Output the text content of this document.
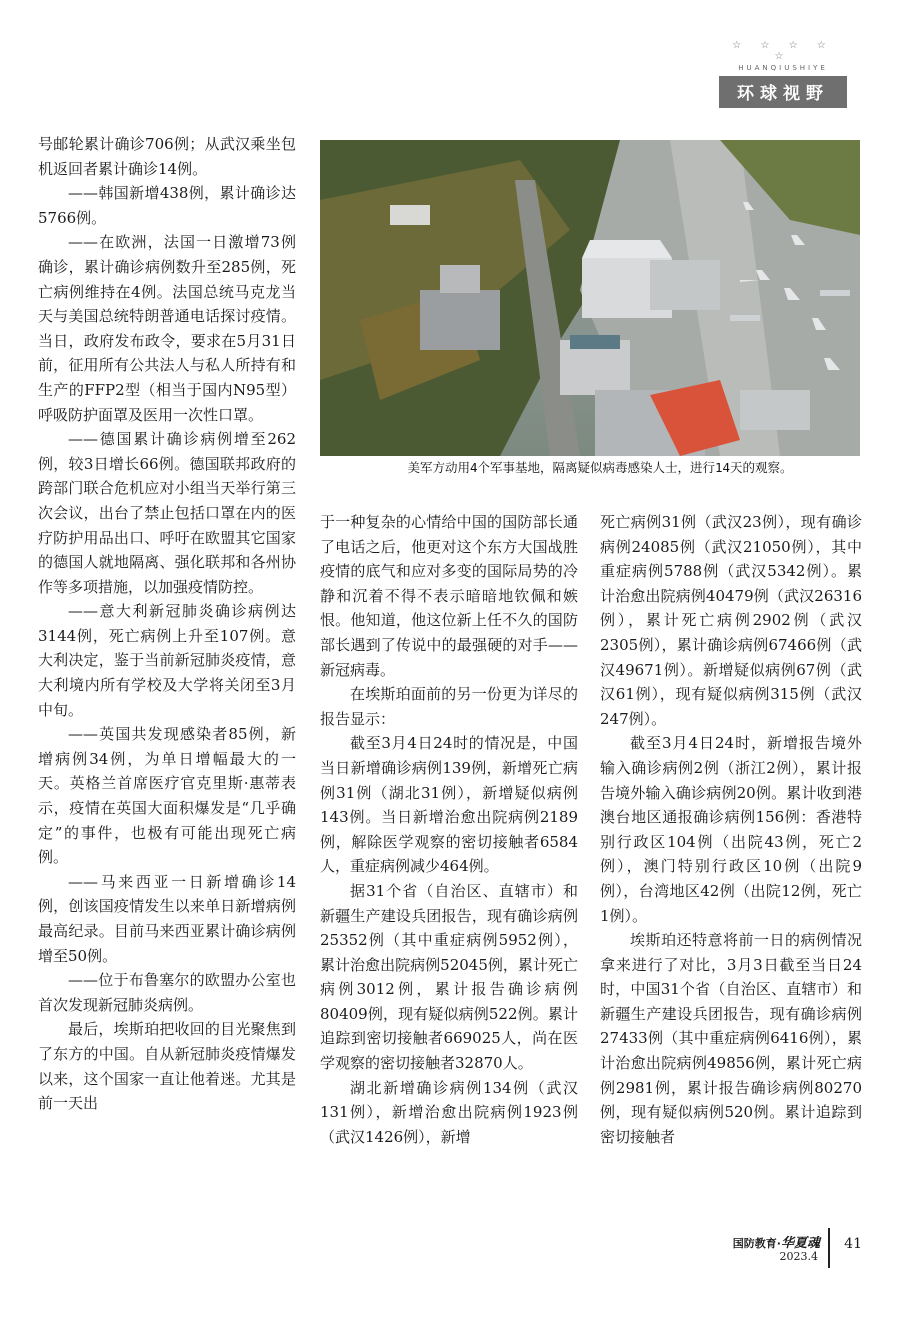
☆ ☆ ☆ ☆ ☆
HUANQIUSHIYE
环球视野

号邮轮累计确诊706例；从武汉乘坐包机返回者累计确诊14例。

——韩国新增438例，累计确诊达5766例。

——在欧洲，法国一日激增73例确诊，累计确诊病例数升至285例，死亡病例维持在4例。法国总统马克龙当天与美国总统特朗普通电话探讨疫情。当日，政府发布政令，要求在5月31日前，征用所有公共法人与私人所持有和生产的FFP2型（相当于国内N95型）呼吸防护面罩及医用一次性口罩。

——德国累计确诊病例增至262例，较3日增长66例。德国联邦政府的跨部门联合危机应对小组当天举行第三次会议，出台了禁止包括口罩在内的医疗防护用品出口、呼吁在欧盟其它国家的德国人就地隔离、强化联邦和各州协作等多项措施，以加强疫情防控。

——意大利新冠肺炎确诊病例达3144例，死亡病例上升至107例。意大利决定，鉴于当前新冠肺炎疫情，意大利境内所有学校及大学将关闭至3月中旬。

——英国共发现感染者85例，新增病例34例，为单日增幅最大的一天。英格兰首席医疗官克里斯·惠蒂表示，疫情在英国大面积爆发是“几乎确定”的事件，也极有可能出现死亡病例。

——马来西亚一日新增确诊14例，创该国疫情发生以来单日新增病例最高纪录。目前马来西亚累计确诊病例增至50例。

——位于布鲁塞尔的欧盟办公室也首次发现新冠肺炎病例。

最后，埃斯珀把收回的目光聚焦到了东方的中国。自从新冠肺炎疫情爆发以来，这个国家一直让他着迷。尤其是前一天出

美军方动用4个军事基地，隔离疑似病毒感染人士，进行14天的观察。

于一种复杂的心情给中国的国防部长通了电话之后，他更对这个东方大国战胜疫情的底气和应对多变的国际局势的冷静和沉着不得不表示暗暗地钦佩和嫉恨。他知道，他这位新上任不久的国防部长遇到了传说中的最强硬的对手——新冠病毒。

在埃斯珀面前的另一份更为详尽的报告显示：

截至3月4日24时的情况是，中国当日新增确诊病例139例，新增死亡病例31例（湖北31例），新增疑似病例143例。当日新增治愈出院病例2189例，解除医学观察的密切接触者6584人，重症病例减少464例。

据31个省（自治区、直辖市）和新疆生产建设兵团报告，现有确诊病例25352例（其中重症病例5952例），累计治愈出院病例52045例，累计死亡病例3012例，累计报告确诊病例80409例，现有疑似病例522例。累计追踪到密切接触者669025人，尚在医学观察的密切接触者32870人。

湖北新增确诊病例134例（武汉131例），新增治愈出院病例1923例（武汉1426例），新增

死亡病例31例（武汉23例），现有确诊病例24085例（武汉21050例），其中重症病例5788例（武汉5342例）。累计治愈出院病例40479例（武汉26316例），累计死亡病例2902例（武汉2305例），累计确诊病例67466例（武汉49671例）。新增疑似病例67例（武汉61例），现有疑似病例315例（武汉247例）。

截至3月4日24时，新增报告境外输入确诊病例2例（浙江2例），累计报告境外输入确诊病例20例。累计收到港澳台地区通报确诊病例156例：香港特别行政区104例（出院43例，死亡2例），澳门特别行政区10例（出院9例），台湾地区42例（出院12例，死亡1例）。

埃斯珀还特意将前一日的病例情况拿来进行了对比，3月3日截至当日24时，中国31个省（自治区、直辖市）和新疆生产建设兵团报告，现有确诊病例27433例（其中重症病例6416例），累计治愈出院病例49856例，累计死亡病例2981例，累计报告确诊病例80270例，现有疑似病例520例。累计追踪到密切接触者

国防教育·华夏魂
2023.4
41
